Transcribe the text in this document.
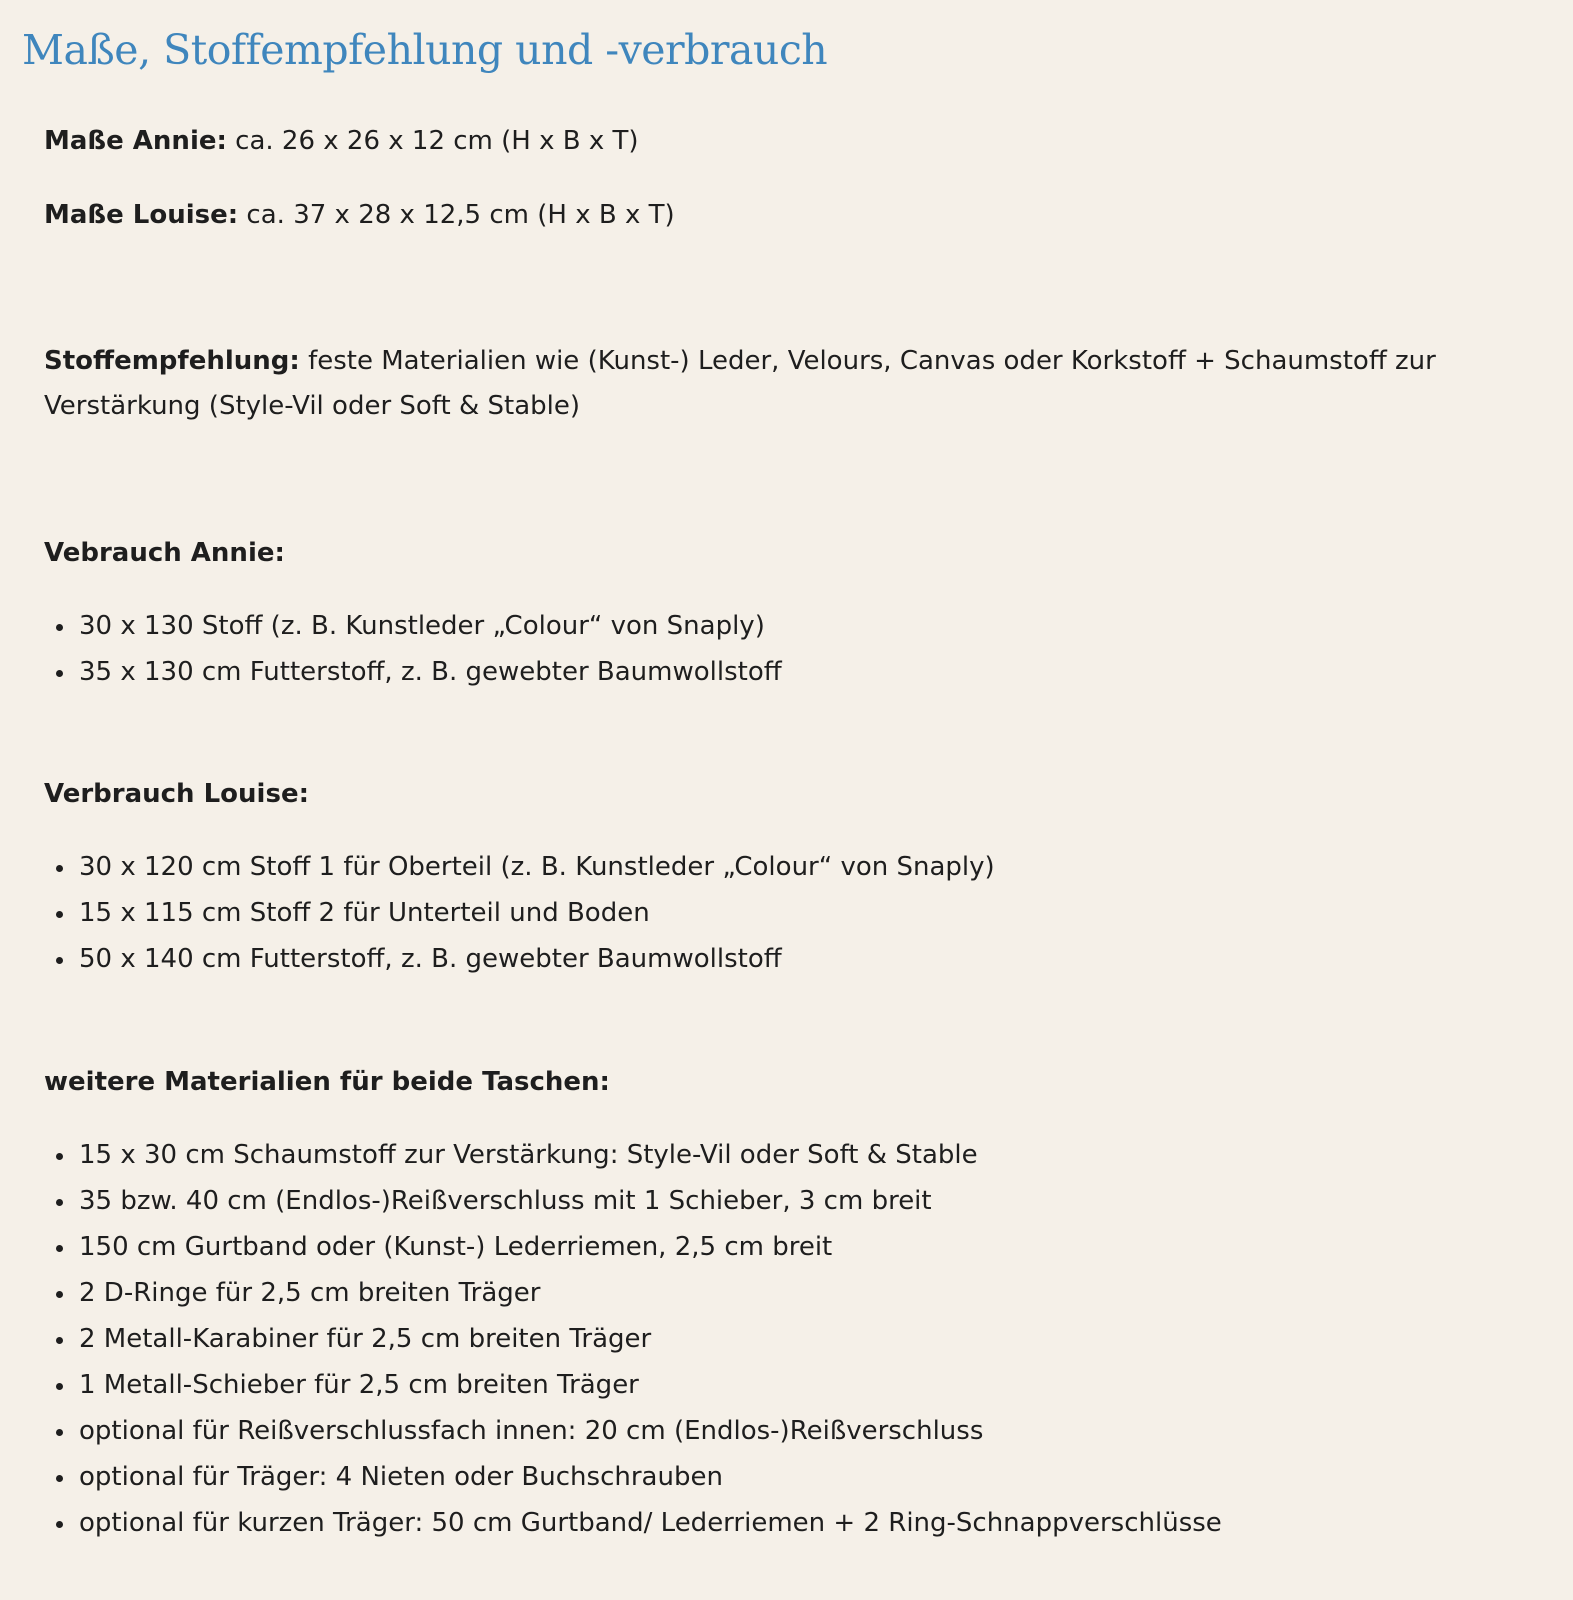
Maße, Stoffempfehlung und -verbrauch

Maße Annie: ca. 26 x 26 x 12 cm (H x B x T)

Maße Louise: ca. 37 x 28 x 12,5 cm (H x B x T)

Stoffempfehlung: feste Materialien wie (Kunst-) Leder, Velours, Canvas oder Korkstoff + Schaumstoff zur Verstärkung (Style-Vil oder Soft & Stable)

Vebrauch Annie:

30 x 130 Stoff (z. B. Kunstleder „Colour“ von Snaply)
35 x 130 cm Futterstoff, z. B. gewebter Baumwollstoff

Verbrauch Louise:

30 x 120 cm Stoff 1 für Oberteil (z. B. Kunstleder „Colour“ von Snaply)
15 x 115 cm Stoff 2 für Unterteil und Boden
50 x 140 cm Futterstoff, z. B. gewebter Baumwollstoff

weitere Materialien für beide Taschen:

15 x 30 cm Schaumstoff zur Verstärkung: Style-Vil oder Soft & Stable
35 bzw. 40 cm (Endlos-)Reißverschluss mit 1 Schieber, 3 cm breit
150 cm Gurtband oder (Kunst-) Lederriemen, 2,5 cm breit
2 D-Ringe für 2,5 cm breiten Träger
2 Metall-Karabiner für 2,5 cm breiten Träger
1 Metall-Schieber für 2,5 cm breiten Träger
optional für Reißverschlussfach innen: 20 cm (Endlos-)Reißverschluss
optional für Träger: 4 Nieten oder Buchschrauben
optional für kurzen Träger: 50 cm Gurtband/ Lederriemen + 2 Ring-Schnappverschlüsse
